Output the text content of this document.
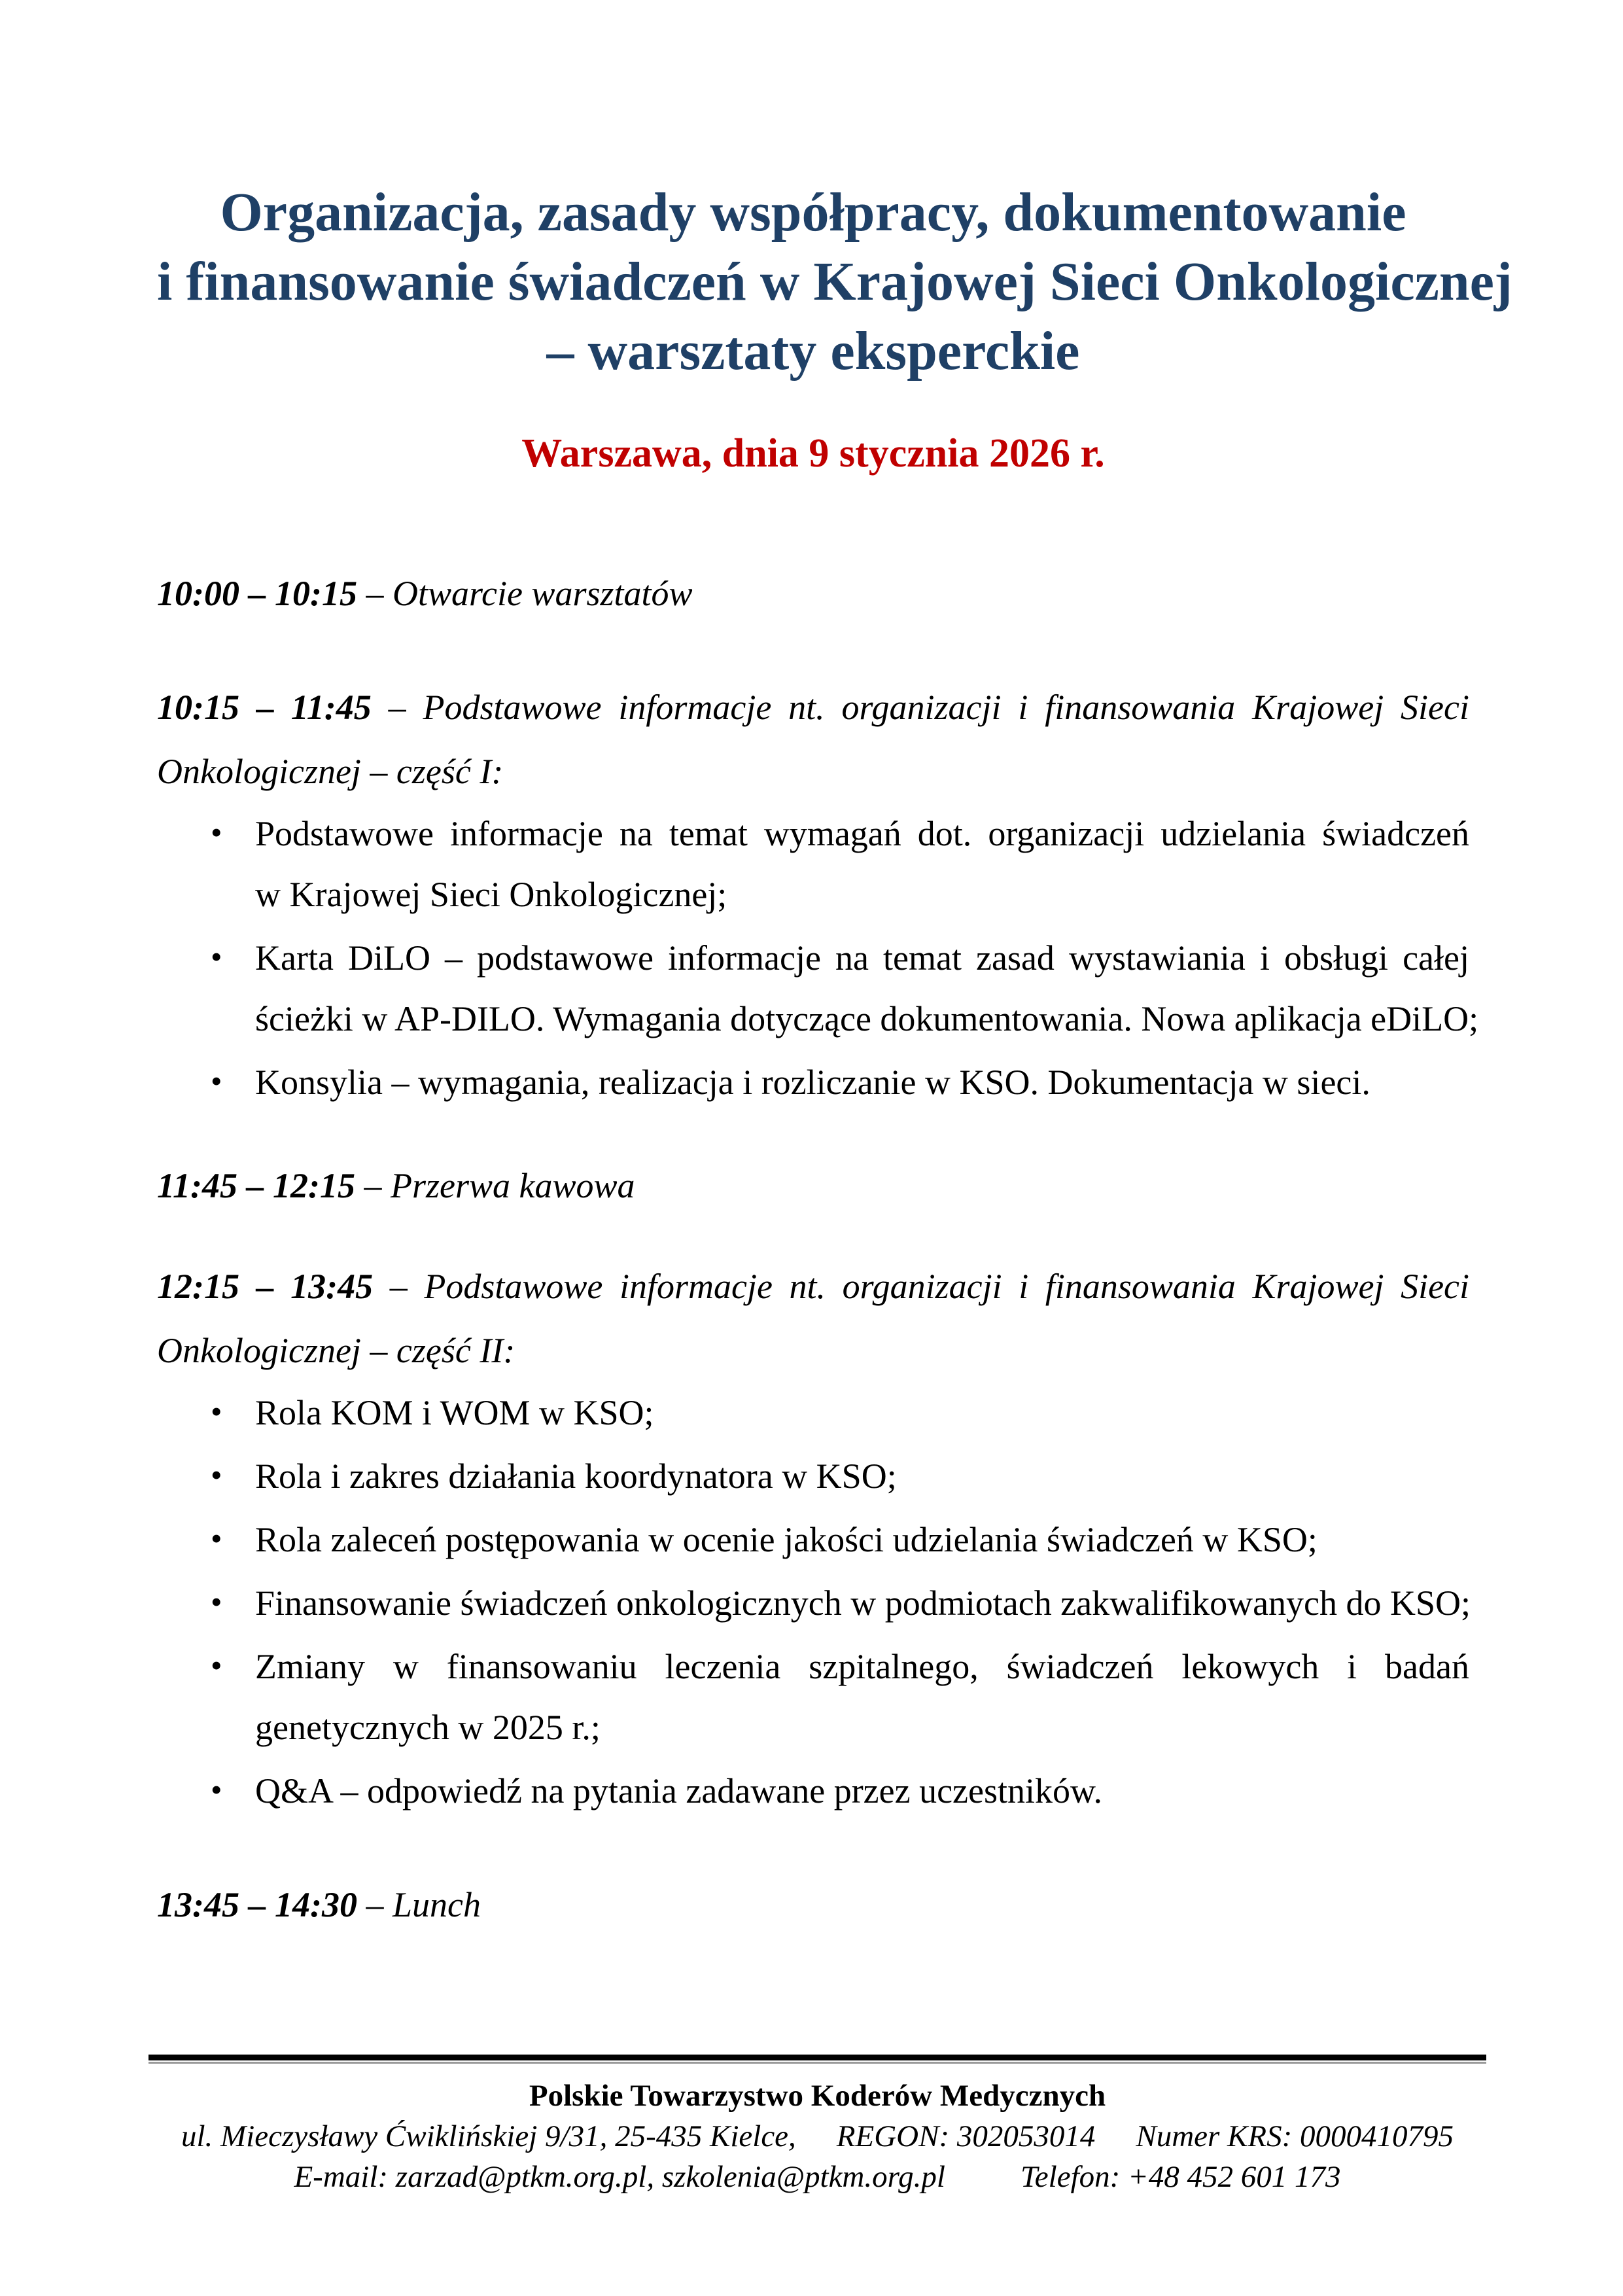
Organizacja, zasady współpracy, dokumentowanie
i finansowanie świadczeń w Krajowej Sieci Onkologicznej
– warsztaty eksperckie
Warszawa, dnia 9 stycznia 2026 r.
10:00 – 10:15 – Otwarcie warsztatów
10:15 – 11:45 – Podstawowe informacje nt. organizacji i finansowania Krajowej Sieci
Onkologicznej – część I:
• Podstawowe informacje na temat wymagań dot. organizacji udzielania świadczeń
w Krajowej Sieci Onkologicznej;
• Karta DiLO – podstawowe informacje na temat zasad wystawiania i obsługi całej
ścieżki w AP-DILO. Wymagania dotyczące dokumentowania. Nowa aplikacja eDiLO;
• Konsylia – wymagania, realizacja i rozliczanie w KSO. Dokumentacja w sieci.
11:45 – 12:15 – Przerwa kawowa
12:15 – 13:45 – Podstawowe informacje nt. organizacji i finansowania Krajowej Sieci
Onkologicznej – część II:
• Rola KOM i WOM w KSO;
• Rola i zakres działania koordynatora w KSO;
• Rola zaleceń postępowania w ocenie jakości udzielania świadczeń w KSO;
• Finansowanie świadczeń onkologicznych w podmiotach zakwalifikowanych do KSO;
• Zmiany w finansowaniu leczenia szpitalnego, świadczeń lekowych i badań
genetycznych w 2025 r.;
• Q&A – odpowiedź na pytania zadawane przez uczestników.
13:45 – 14:30 – Lunch
Polskie Towarzystwo Koderów Medycznych
ul. Mieczysławy Ćwiklińskiej 9/31, 25-435 Kielce, REGON: 302053014 Numer KRS: 0000410795
E-mail: zarzad@ptkm.org.pl, szkolenia@ptkm.org.pl Telefon: +48 452 601 173
